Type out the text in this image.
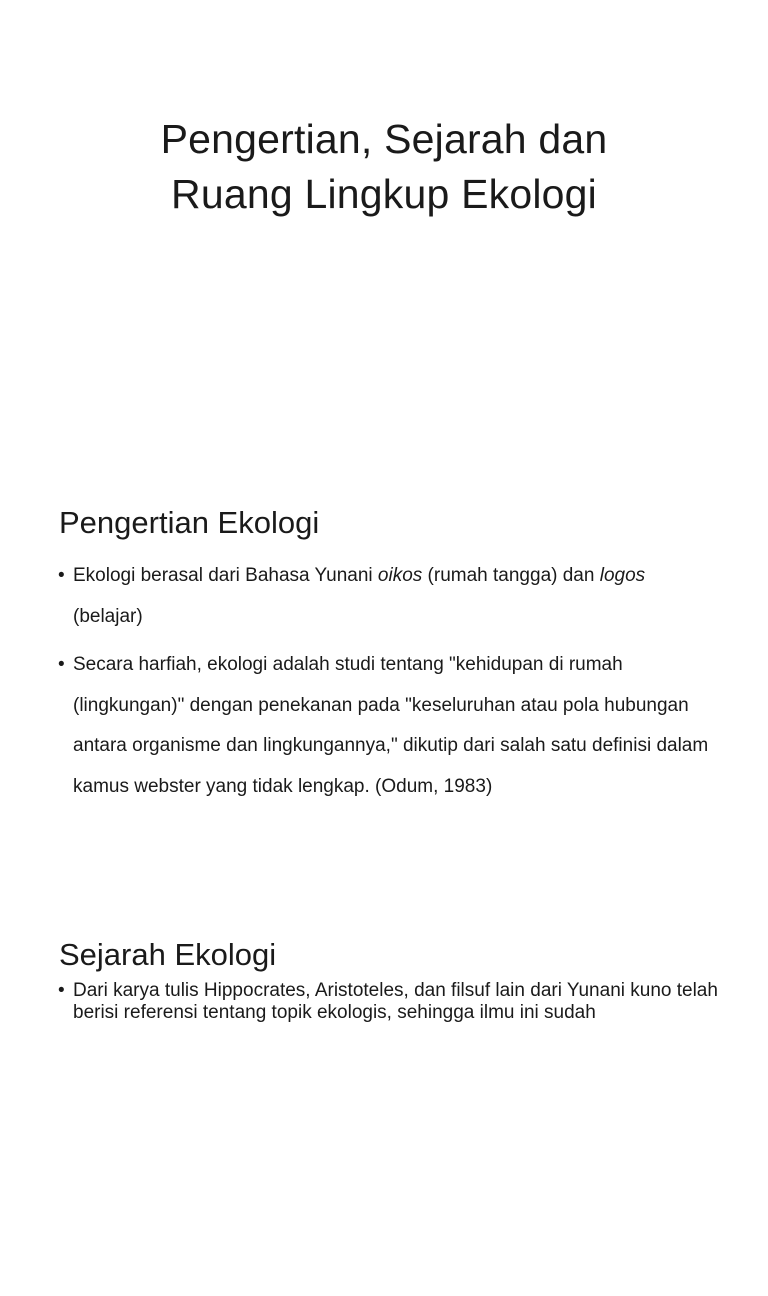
Pengertian, Sejarah dan
Ruang Lingkup Ekologi
Pengertian Ekologi
• Ekologi berasal dari Bahasa Yunani oikos (rumah tangga) dan logos (belajar)
• Secara harfiah, ekologi adalah studi tentang "kehidupan di rumah (lingkungan)" dengan penekanan pada "keseluruhan atau pola hubungan antara organisme dan lingkungannya," dikutip dari salah satu definisi dalam kamus webster yang tidak lengkap. (Odum, 1983)
Sejarah Ekologi
• Dari karya tulis Hippocrates, Aristoteles, dan filsuf lain dari Yunani kuno telah berisi referensi tentang topik ekologis, sehingga ilmu ini sudah
